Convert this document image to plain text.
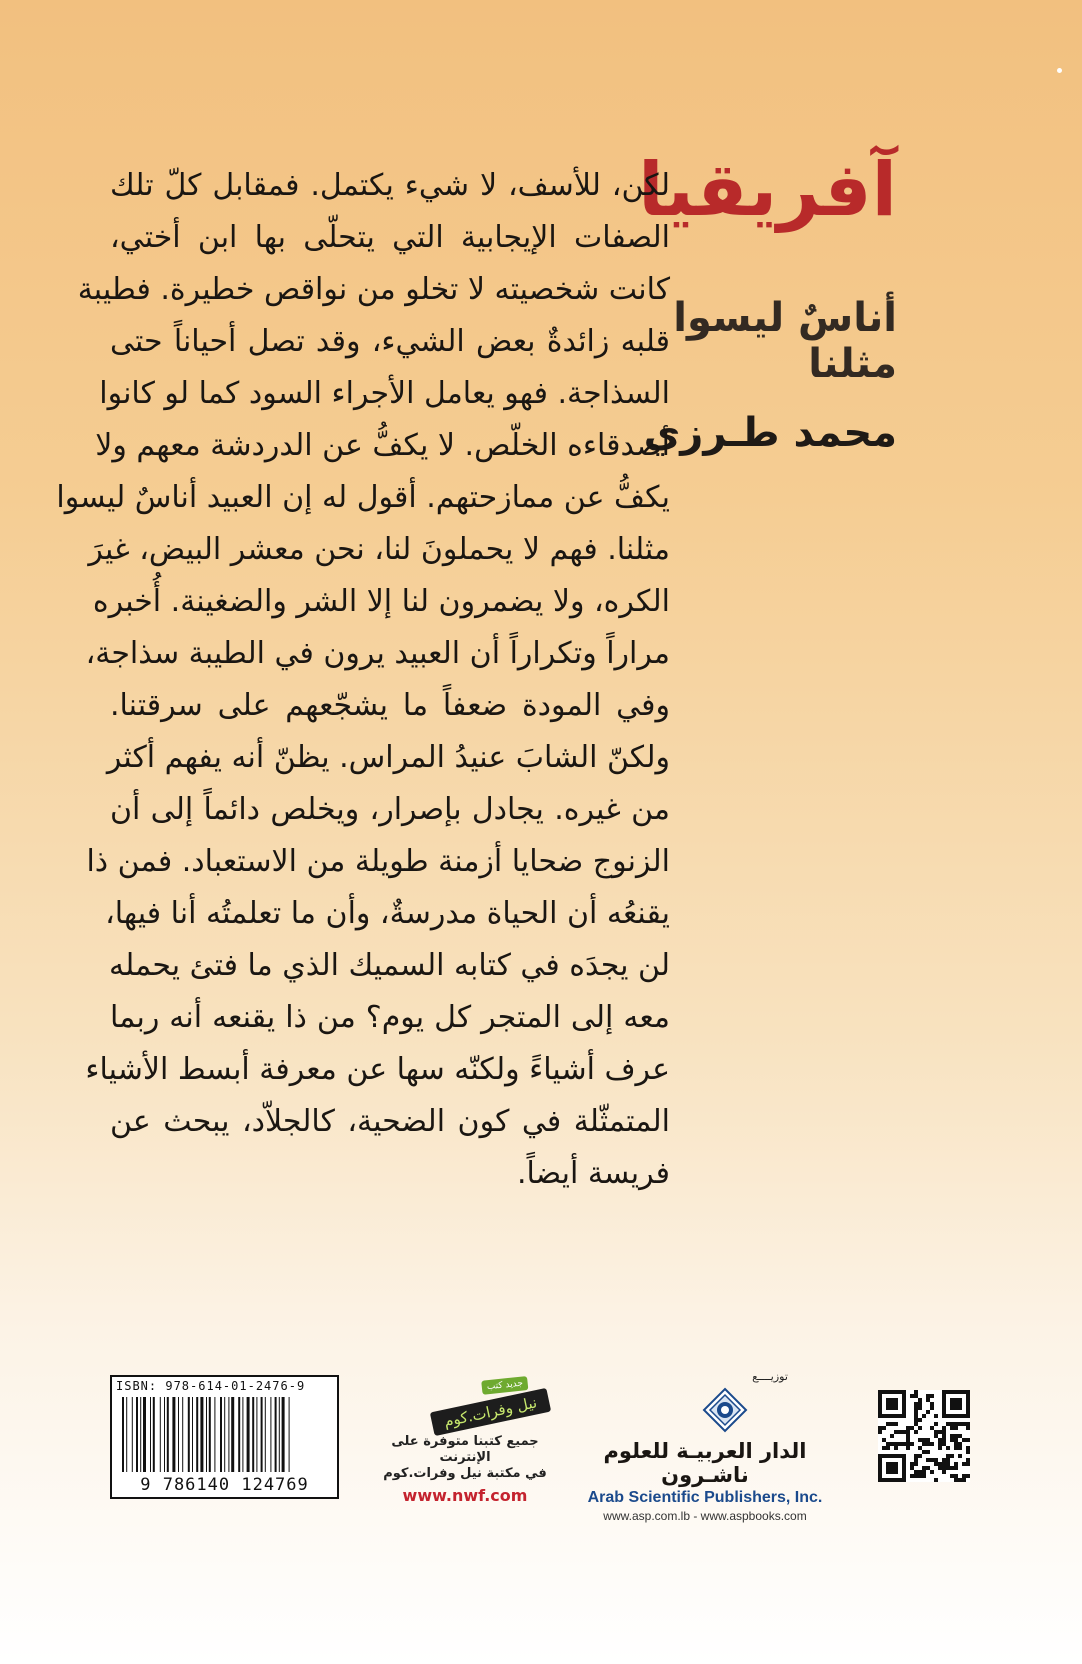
آفريقيا
أناسٌ ليسوا مثلنا
محمد طـرزي
لكن، للأسف، لا شيء يكتمل. فمقابل كلّ تلك
الصفات الإيجابية التي يتحلّى بها ابن أختي،
كانت شخصيته لا تخلو من نواقص خطيرة. فطيبة
قلبه زائدةٌ بعض الشيء، وقد تصل أحياناً حتى
السذاجة. فهو يعامل الأجراء السود كما لو كانوا
أصدقاءه الخلّص. لا يكفُّ عن الدردشة معهم ولا
يكفُّ عن ممازحتهم. أقول له إن العبيد أناسٌ ليسوا
مثلنا. فهم لا يحملونَ لنا، نحن معشر البيض، غيرَ
الكره، ولا يضمرون لنا إلا الشر والضغينة. أُخبره
مراراً وتكراراً أن العبيد يرون في الطيبة سذاجة،
وفي المودة ضعفاً ما يشجّعهم على سرقتنا.
ولكنّ الشابَ عنيدُ المراس. يظنّ أنه يفهم أكثر
من غيره. يجادل بإصرار، ويخلص دائماً إلى أن
الزنوج ضحايا أزمنة طويلة من الاستعباد. فمن ذا
يقنعُه أن الحياة مدرسةٌ، وأن ما تعلمتُه أنا فيها،
لن يجدَه في كتابه السميك الذي ما فتئ يحمله
معه إلى المتجر كل يوم؟ من ذا يقنعه أنه ربما
عرف أشياءً ولكنّه سها عن معرفة أبسط الأشياء
المتمثّلة في كون الضحية، كالجلاّد، يبحث عن
فريسة أيضاً.
ISBN: 978-614-01-2476-9
9 786140 124769
جديد كتب
نيل وفرات.كوم
جميع كتبنا متوفرة على الإنترنت
في مكتبة نيل وفرات.كوم
www.nwf.com
توزيــــع
الدار العربيـة للعلوم ناشـرون
Arab Scientific Publishers, Inc.
www.asp.com.lb - www.aspbooks.com
